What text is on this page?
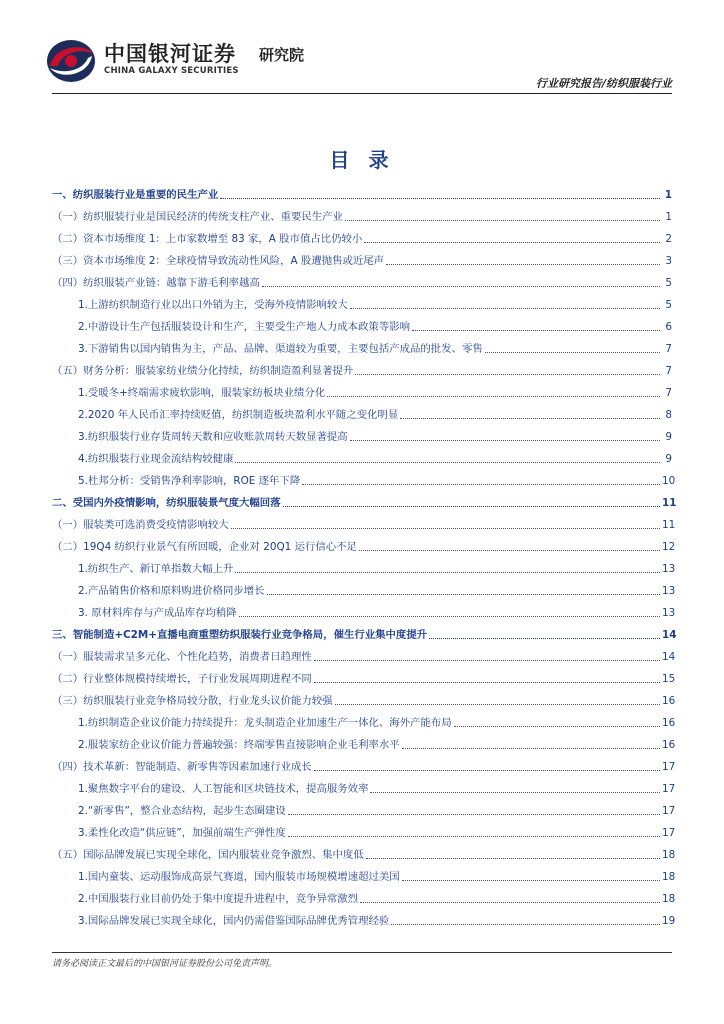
中国银河证券 研究院
CHINA GALAXY SECURITIES
行业研究报告/纺织服装行业
目 录
一、纺织服装行业是重要的民生产业	1
（一）纺织服装行业是国民经济的传统支柱产业、重要民生产业	1
（二）资本市场维度 1：上市家数增至 83 家，A 股市值占比仍较小	2
（三）资本市场维度 2：全球疫情导致流动性风险，A 股遭抛售或近尾声	3
（四）纺织服装产业链：越靠下游毛利率越高	5
1.上游纺织制造行业以出口外销为主，受海外疫情影响较大	5
2.中游设计生产包括服装设计和生产，主要受生产地人力成本政策等影响	6
3.下游销售以国内销售为主，产品、品牌、渠道较为重要，主要包括产成品的批发、零售	7
（五）财务分析：服装家纺业绩分化持续，纺织制造盈利显著提升	7
1.受暖冬+终端需求疲软影响，服装家纺板块业绩分化	7
2.2020 年人民币汇率持续贬值，纺织制造板块盈利水平随之变化明显	8
3.纺织服装行业存货周转天数和应收账款周转天数显著提高	9
4.纺织服装行业现金流结构较健康	9
5.杜邦分析：受销售净利率影响，ROE 逐年下降	10
二、受国内外疫情影响，纺织服装景气度大幅回落	11
（一）服装类可选消费受疫情影响较大	11
（二）19Q4 纺织行业景气有所回暖，企业对 20Q1 运行信心不足	12
1.纺织生产、新订单指数大幅上升	13
2.产品销售价格和原料购进价格同步增长	13
3. 原材料库存与产成品库存均稍降	13
三、智能制造+C2M+直播电商重塑纺织服装行业竞争格局，催生行业集中度提升	14
（一）服装需求呈多元化、个性化趋势，消费者日趋理性	14
（二）行业整体规模持续增长，子行业发展周期进程不同	15
（三）纺织服装行业竞争格局较分散，行业龙头议价能力较强	16
1.纺织制造企业议价能力持续提升：龙头制造企业加速生产一体化、海外产能布局	16
2.服装家纺企业议价能力普遍较强：终端零售直接影响企业毛利率水平	16
（四）技术革新：智能制造、新零售等因素加速行业成长	17
1.聚焦数字平台的建设、人工智能和区块链技术，提高服务效率	17
2.“新零售”，整合业态结构，起步生态圈建设	17
3.柔性化改造“供应链”，加强前端生产弹性度	17
（五）国际品牌发展已实现全球化，国内服装业竞争激烈、集中度低	18
1.国内童装、运动服饰成高景气赛道，国内服装市场规模增速超过美国	18
2.中国服装行业目前仍处于集中度提升进程中，竞争异常激烈	18
3.国际品牌发展已实现全球化，国内仍需借鉴国际品牌优秀管理经验	19
请务必阅读正文最后的中国银河证券股份公司免责声明。
